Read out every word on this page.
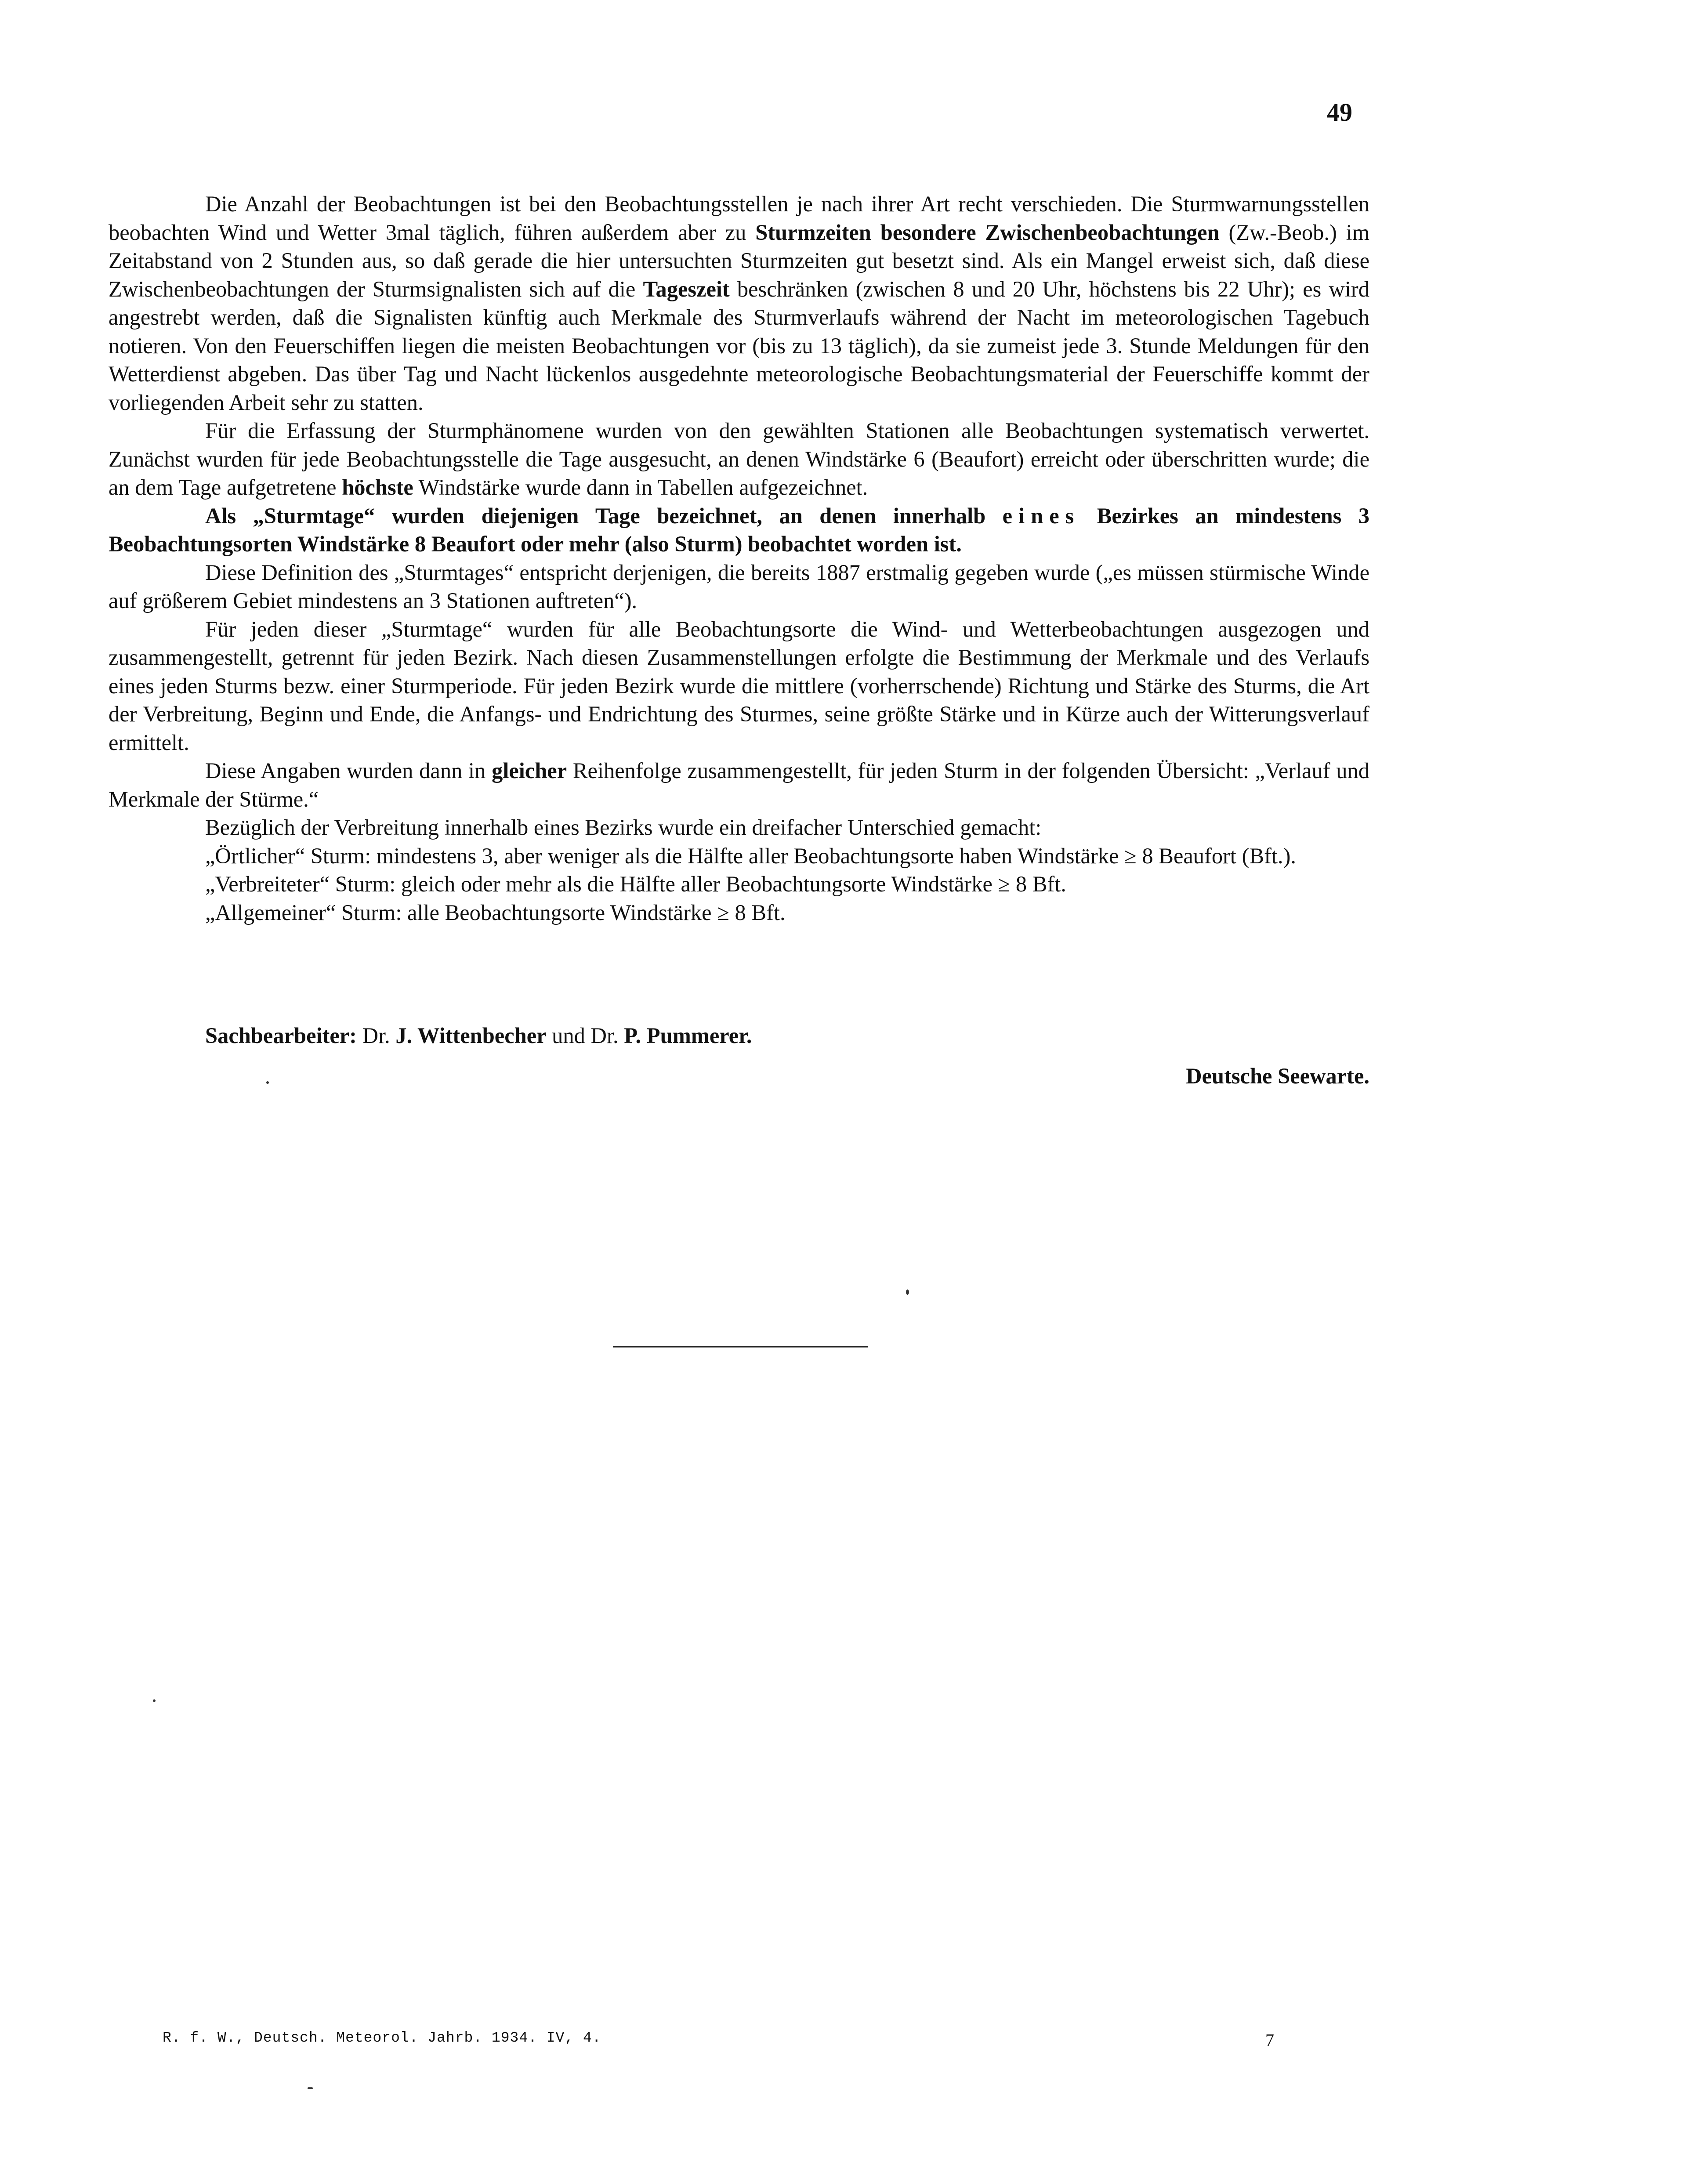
49

Die Anzahl der Beobachtungen ist bei den Beobachtungsstellen je nach ihrer Art recht verschieden. Die Sturmwarnungsstellen beobachten Wind und Wetter 3mal täglich, führen außerdem aber zu Sturmzeiten besondere Zwischenbeobachtungen (Zw.-Beob.) im Zeitabstand von 2 Stunden aus, so daß gerade die hier untersuchten Sturmzeiten gut besetzt sind. Als ein Mangel erweist sich, daß diese Zwischenbeobachtungen der Sturmsignalisten sich auf die Tageszeit beschränken (zwischen 8 und 20 Uhr, höchstens bis 22 Uhr); es wird angestrebt werden, daß die Signalisten künftig auch Merkmale des Sturmverlaufs während der Nacht im meteorologischen Tagebuch notieren. Von den Feuerschiffen liegen die meisten Beobachtungen vor (bis zu 13 täglich), da sie zumeist jede 3. Stunde Meldungen für den Wetterdienst abgeben. Das über Tag und Nacht lückenlos ausgedehnte meteorologische Beobachtungsmaterial der Feuerschiffe kommt der vorliegenden Arbeit sehr zu statten.

Für die Erfassung der Sturmphänomene wurden von den gewählten Stationen alle Beobachtungen systematisch verwertet. Zunächst wurden für jede Beobachtungsstelle die Tage ausgesucht, an denen Windstärke 6 (Beaufort) erreicht oder überschritten wurde; die an dem Tage aufgetretene höchste Windstärke wurde dann in Tabellen aufgezeichnet.

Als „Sturmtage“ wurden diejenigen Tage bezeichnet, an denen innerhalb eines Bezirkes an mindestens 3 Beobachtungsorten Windstärke 8 Beaufort oder mehr (also Sturm) beobachtet worden ist.

Diese Definition des „Sturmtages“ entspricht derjenigen, die bereits 1887 erstmalig gegeben wurde („es müssen stürmische Winde auf größerem Gebiet mindestens an 3 Stationen auftreten“).

Für jeden dieser „Sturmtage“ wurden für alle Beobachtungsorte die Wind- und Wetterbeobachtungen ausgezogen und zusammengestellt, getrennt für jeden Bezirk. Nach diesen Zusammenstellungen erfolgte die Bestimmung der Merkmale und des Verlaufs eines jeden Sturms bezw. einer Sturmperiode. Für jeden Bezirk wurde die mittlere (vorherrschende) Richtung und Stärke des Sturms, die Art der Verbreitung, Beginn und Ende, die Anfangs- und Endrichtung des Sturmes, seine größte Stärke und in Kürze auch der Witterungsverlauf ermittelt.

Diese Angaben wurden dann in gleicher Reihenfolge zusammengestellt, für jeden Sturm in der folgenden Übersicht: „Verlauf und Merkmale der Stürme.“

Bezüglich der Verbreitung innerhalb eines Bezirks wurde ein dreifacher Unterschied gemacht:

„Örtlicher“ Sturm: mindestens 3, aber weniger als die Hälfte aller Beobachtungsorte haben Windstärke ≥ 8 Beaufort (Bft.).
„Verbreiteter“ Sturm: gleich oder mehr als die Hälfte aller Beobachtungsorte Windstärke ≥ 8 Bft.
„Allgemeiner“ Sturm: alle Beobachtungsorte Windstärke ≥ 8 Bft.
Sachbearbeiter: Dr. J. Wittenbecher und Dr. P. Pummerer.
Deutsche Seewarte.
R. f. W., Deutsch. Meteorol. Jahrb. 1934. IV, 4.	7
